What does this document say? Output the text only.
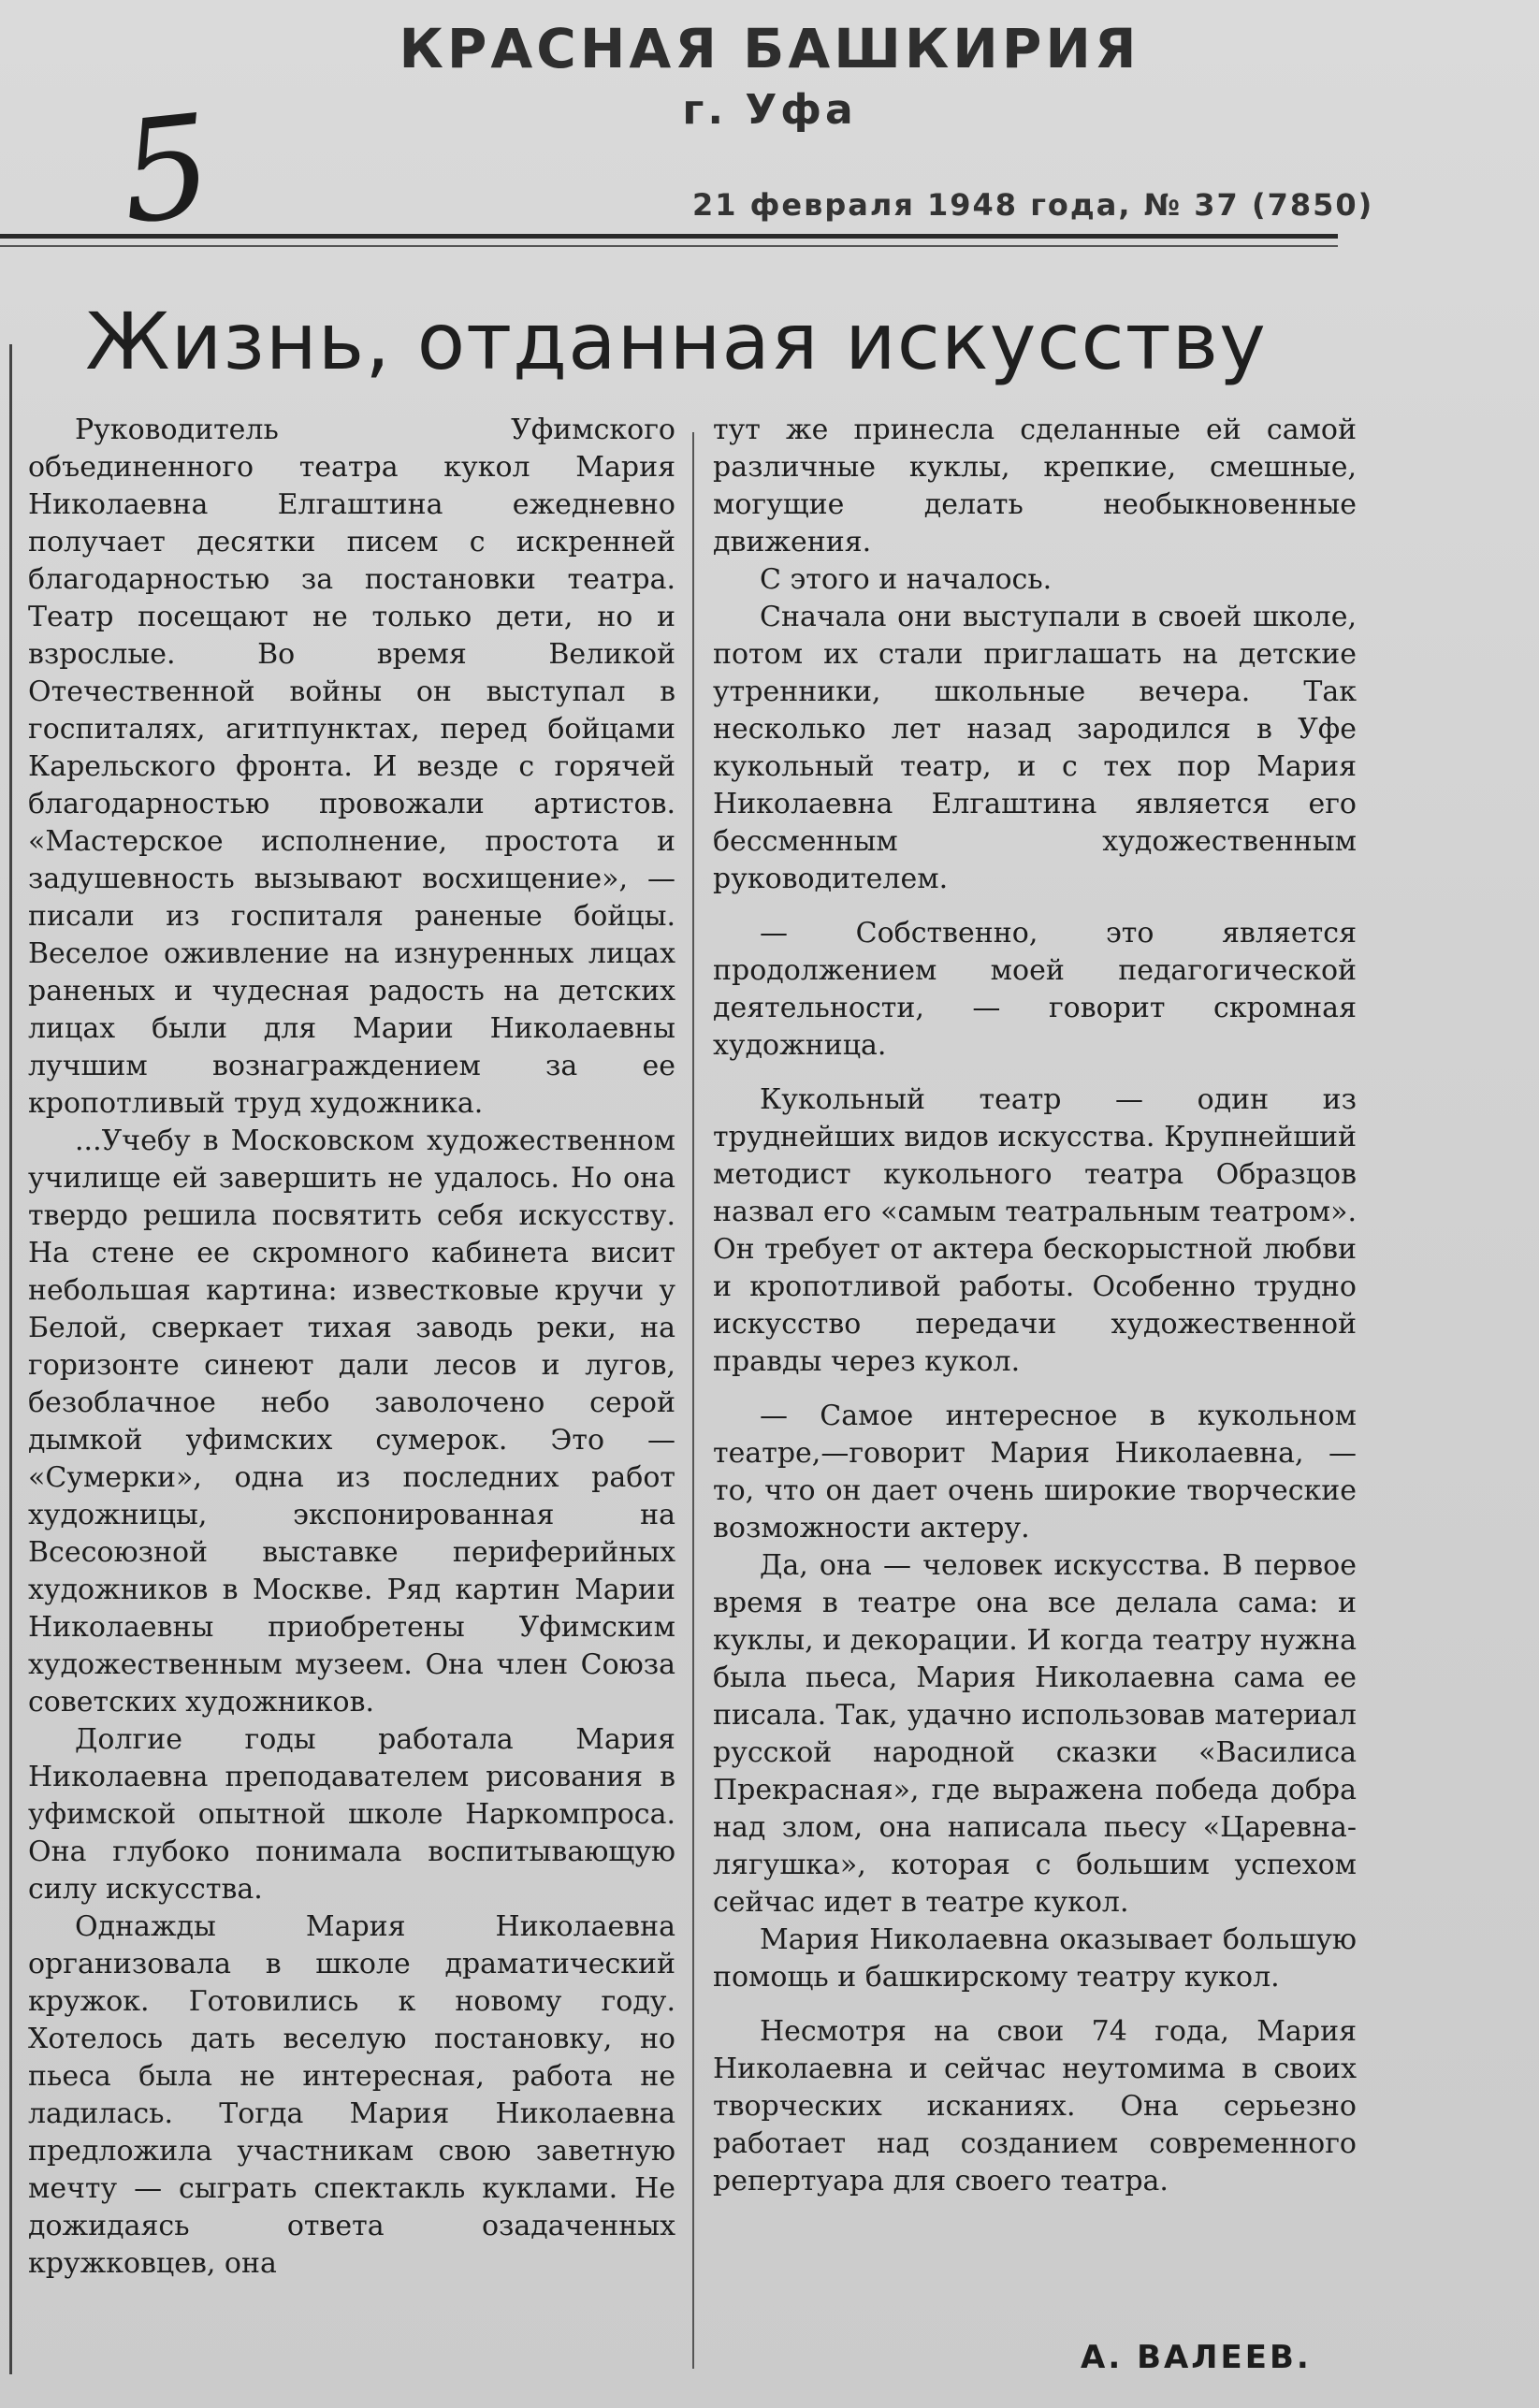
КРАСНАЯ БАШКИРИЯ
г. Уфа
5	21 февраля 1948 года, № 37 (7850)
Жизнь, отданная искусству

Руководитель Уфимского объединенного театра кукол Мария Николаевна Елгаштина ежедневно получает десятки писем с искренней благодарностью за постановки театра. Театр посещают не только дети, но и взрослые. Во время Великой Отечественной войны он выступал в госпиталях, агитпунктах, перед бойцами Карельского фронта. И везде с горячей благодарностью провожали артистов. «Мастерское исполнение, простота и задушевность вызывают восхищение», — писали из госпиталя раненые бойцы. Веселое оживление на изнуренных лицах раненых и чудесная радость на детских лицах были для Марии Николаевны лучшим вознаграждением за ее кропотливый труд художника.

...Учебу в Московском художественном училище ей завершить не удалось. Но она твердо решила посвятить себя искусству. На стене ее скромного кабинета висит небольшая картина: известковые кручи у Белой, сверкает тихая заводь реки, на горизонте синеют дали лесов и лугов, безоблачное небо заволочено серой дымкой уфимских сумерок. Это — «Сумерки», одна из последних работ художницы, экспонированная на Всесоюзной выставке периферийных художников в Москве. Ряд картин Марии Николаевны приобретены Уфимским художественным музеем. Она член Союза советских художников.

Долгие годы работала Мария Николаевна преподавателем рисования в уфимской опытной школе Наркомпроса. Она глубоко понимала воспитывающую силу искусства.

Однажды Мария Николаевна организовала в школе драматический кружок. Готовились к новому году. Хотелось дать веселую постановку, но пьеса была не интересная, работа не ладилась. Тогда Мария Николаевна предложила участникам свою заветную мечту — сыграть спектакль куклами. Не дожидаясь ответа озадаченных кружковцев, она

тут же принесла сделанные ей самой различные куклы, крепкие, смешные, могущие делать необыкновенные движения.

С этого и началось.

Сначала они выступали в своей школе, потом их стали приглашать на детские утренники, школьные вечера. Так несколько лет назад зародился в Уфе кукольный театр, и с тех пор Мария Николаевна Елгаштина является его бессменным художественным руководителем.

— Собственно, это является продолжением моей педагогической деятельности, — говорит скромная художница.

Кукольный театр — один из труднейших видов искусства. Крупнейший методист кукольного театра Образцов назвал его «самым театральным театром». Он требует от актера бескорыстной любви и кропотливой работы. Особенно трудно искусство передачи художественной правды через кукол.

— Самое интересное в кукольном театре,—говорит Мария Николаевна, — то, что он дает очень широкие творческие возможности актеру.

Да, она — человек искусства. В первое время в театре она все делала сама: и куклы, и декорации. И когда театру нужна была пьеса, Мария Николаевна сама ее писала. Так, удачно использовав материал русской народной сказки «Василиса Прекрасная», где выражена победа добра над злом, она написала пьесу «Царевна-лягушка», которая с большим успехом сейчас идет в театре кукол.

Мария Николаевна оказывает большую помощь и башкирскому театру кукол.

Несмотря на свои 74 года, Мария Николаевна и сейчас неутомима в своих творческих исканиях. Она серьезно работает над созданием современного репертуара для своего театра.

А. ВАЛЕЕВ.
